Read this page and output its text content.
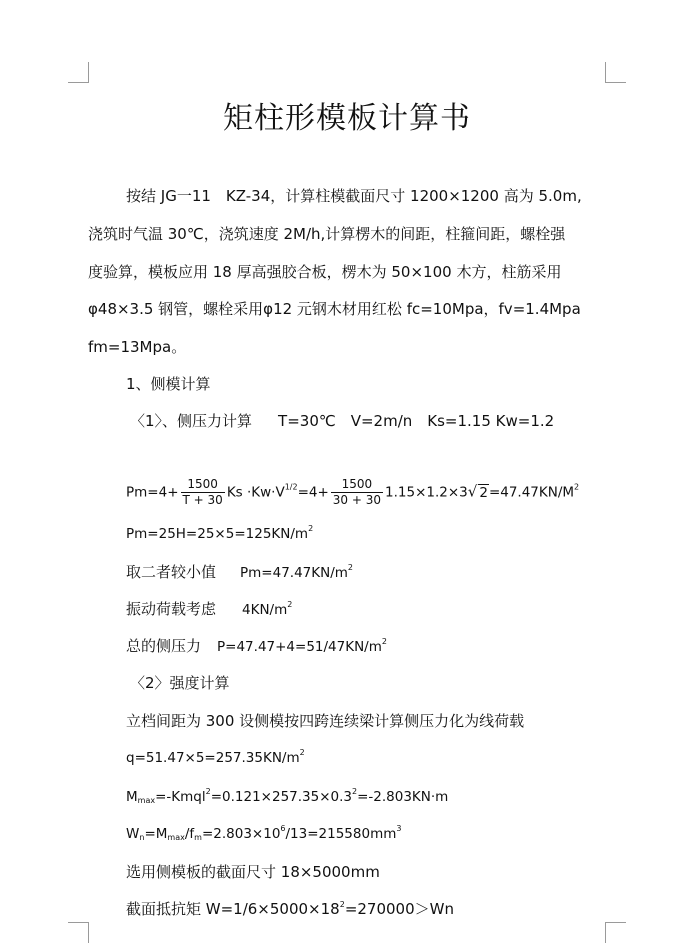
矩柱形模板计算书
按结 JG一11　KZ-34，计算柱模截面尺寸 1200×1200 高为 5.0m,
浇筑时气温 30℃，浇筑速度 2M/h,计算楞木的间距，柱箍间距，螺栓强
度验算，模板应用 18 厚高强胶合板，楞木为 50×100 木方，柱筋采用
φ48×3.5 钢管，螺栓采用φ12 元钢木材用红松 fc=10Mpa，fv=1.4Mpa
fm=13Mpa。
1、侧模计算
〈1〉、侧压力计算 T=30℃　V=2m/n　Ks=1.15 Kw=1.2
$Pm=4+ \frac{1500}{T + 30}$ $Ks \cdot Kw\cdot V^{1/2}=4+ \frac{1500}{30 + 30} 1.15\times 1.2\times 3√$ $2=47.47KN/M^2$
$Pm=25H=25\times 5=125KN/m^2$
取二者较小值 $Pm=47.47KN/m^2$
振动荷载考虑 $4KN/m^2$
总的侧压力 $P=47.47+4=51/47KN/m^2$
〈2〉强度计算
立档间距为 300 设侧模按四跨连续梁计算侧压力化为线荷载
$q=51.47\times 5=257.35KN/m^2$
$M_{max}=-Kmql^2=0.121\times 257.35\times 0.3^2=-2.803KN\cdot m$
$W_n=M_{max}/f_m=2.803\times 10^6/13=215580mm^3$
选用侧模板的截面尺寸 18×5000mm
截面抵抗矩 $W=1/6\times 5000\times 18^2=270000>Wn$
